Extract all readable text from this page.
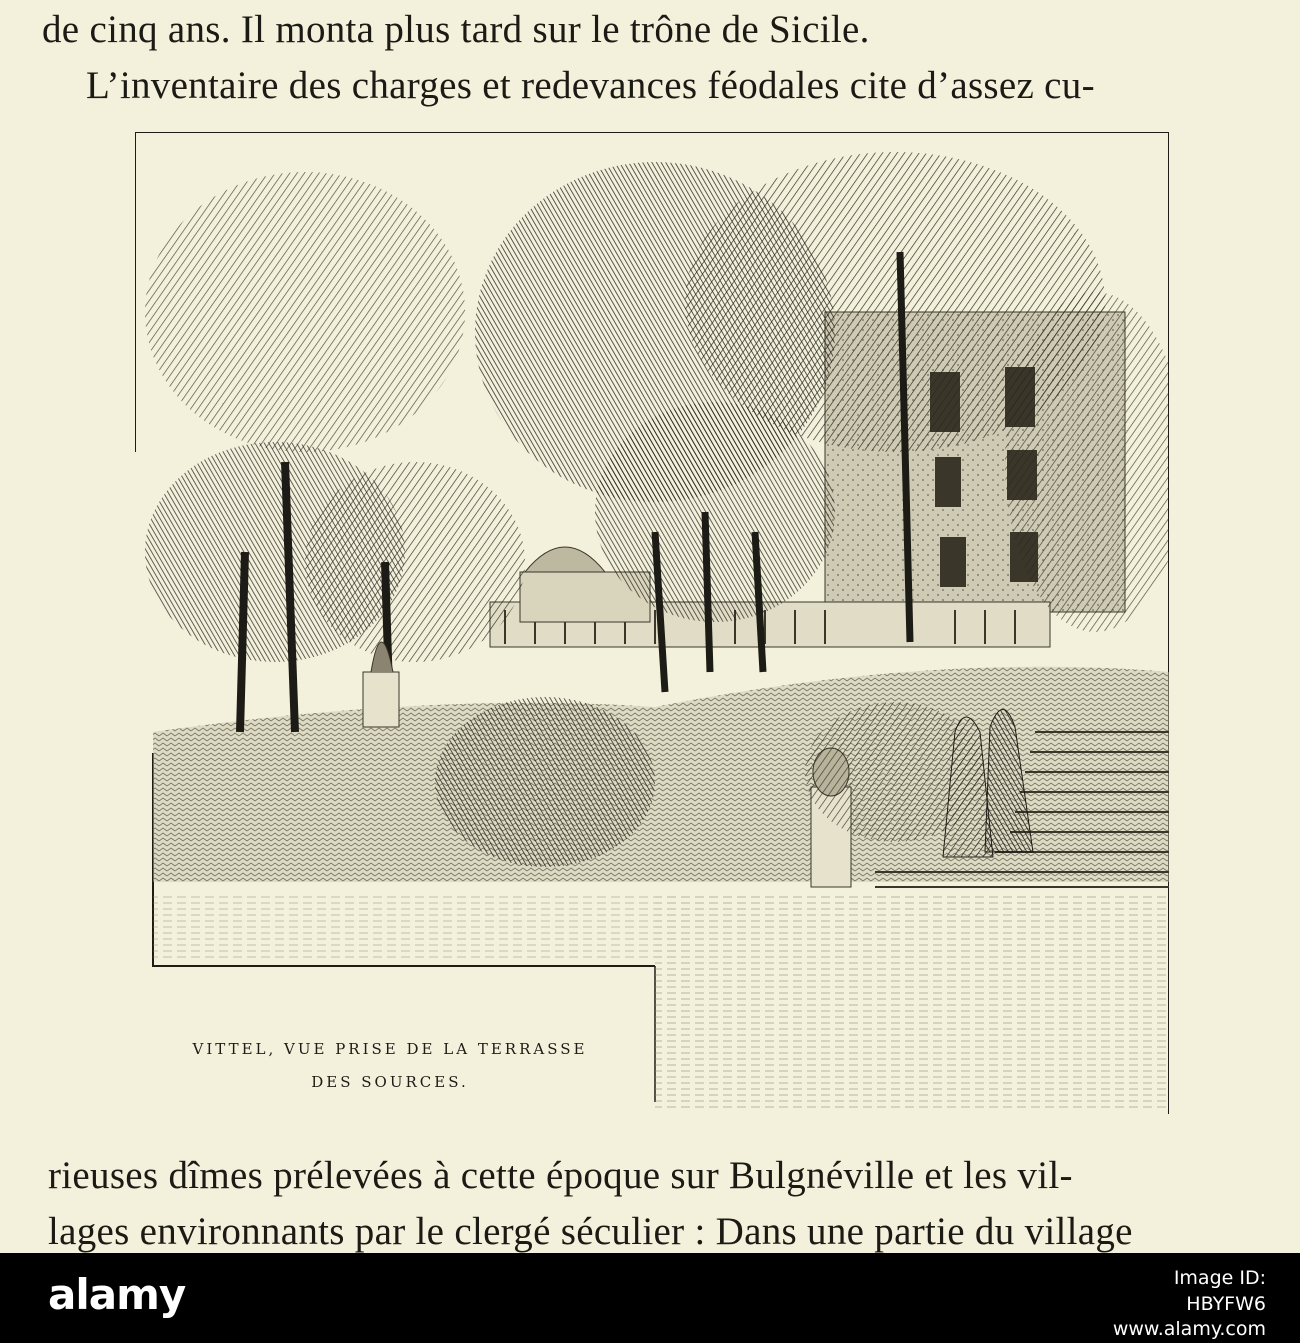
de cinq ans. Il monta plus tard sur le trône de Sicile.
L’inventaire des charges et redevances féodales cite d’assez cu-
VITTEL, VUE PRISE DE LA TERRASSE
DES SOURCES.
rieuses dîmes prélevées à cette époque sur Bulgnéville et les vil-
lages environnants par le clergé séculier : Dans une partie du village
alamy	Image ID:
HBYFW6
www.alamy.com
